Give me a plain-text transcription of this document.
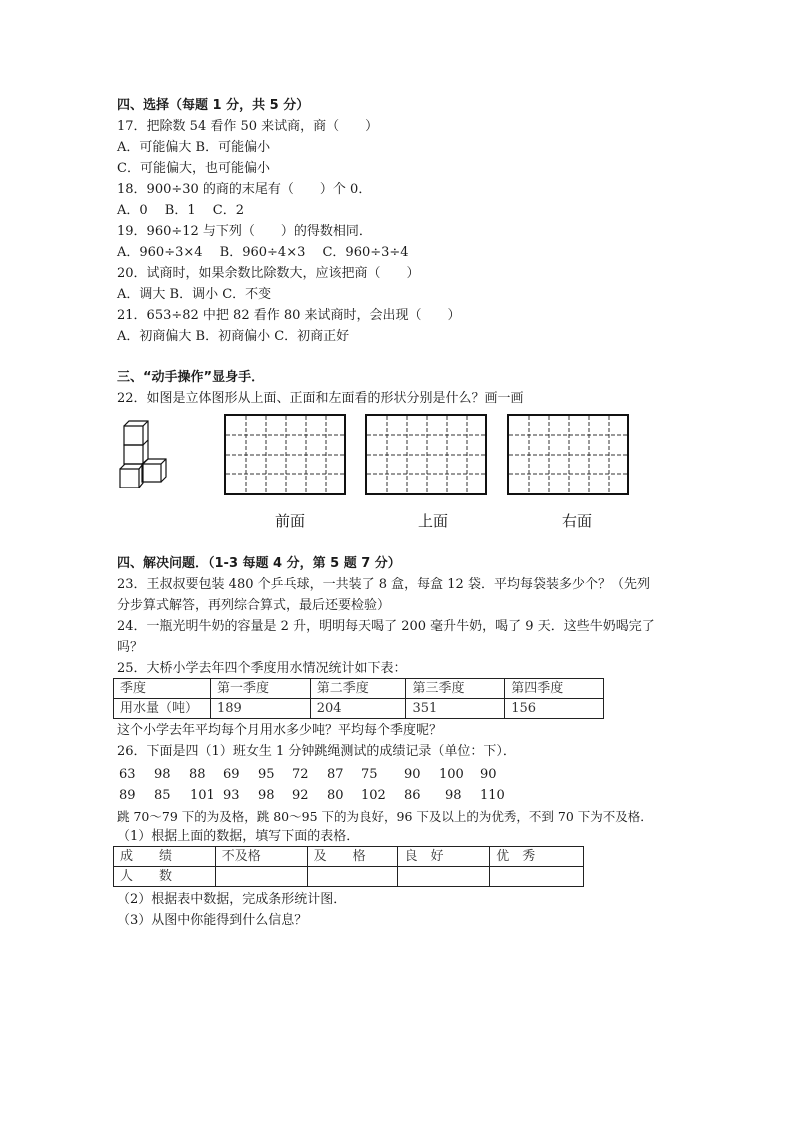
四、选择（每题 1 分，共 5 分）
17．把除数 54 看作 50 来试商，商（　　）
A．可能偏大 B．可能偏小
C．可能偏大，也可能偏小
18．900÷30 的商的末尾有（　　）个 0．
A．0　 B．1　 C．2
19．960÷12 与下列（　　）的得数相同．
A．960÷3×4　 B．960÷4×3　 C．960÷3÷4
20．试商时，如果余数比除数大，应该把商（　　）
A．调大 B．调小 C．不变
21．653÷82 中把 82 看作 80 来试商时，会出现（　　）
A．初商偏大 B．初商偏小 C．初商正好
三、“动手操作”显身手．
22．如图是立体图形从上面、正面和左面看的形状分别是什么？画一画
前面	上面	右面
四、解决问题．（1-3 每题 4 分，第 5 题 7 分）
23．王叔叔要包装 480 个乒乓球，一共装了 8 盒，每盒 12 袋．平均每袋装多少个？（先列
分步算式解答，再列综合算式，最后还要检验）
24．一瓶光明牛奶的容量是 2 升，明明每天喝了 200 毫升牛奶，喝了 9 天．这些牛奶喝完了
吗？
25．大桥小学去年四个季度用水情况统计如下表：
季度	第一季度	第二季度	第三季度	第四季度
用水量（吨）	189	204	351	156
这个小学去年平均每个月用水多少吨？平均每个季度呢？
26．下面是四（1）班女生 1 分钟跳绳测试的成绩记录（单位：下）．
63 98 88 69 95 72 87 75 90 100 90
89 85 101 93 98 92 80 102 86 98 110
跳 70～79 下的为及格，跳 80～95 下的为良好，96 下及以上的为优秀，不到 70 下为不及格．
（1）根据上面的数据，填写下面的表格．
成　　绩	不及格	及　　格	良　好	优　秀
人　　数				
（2）根据表中数据，完成条形统计图．
（3）从图中你能得到什么信息？
